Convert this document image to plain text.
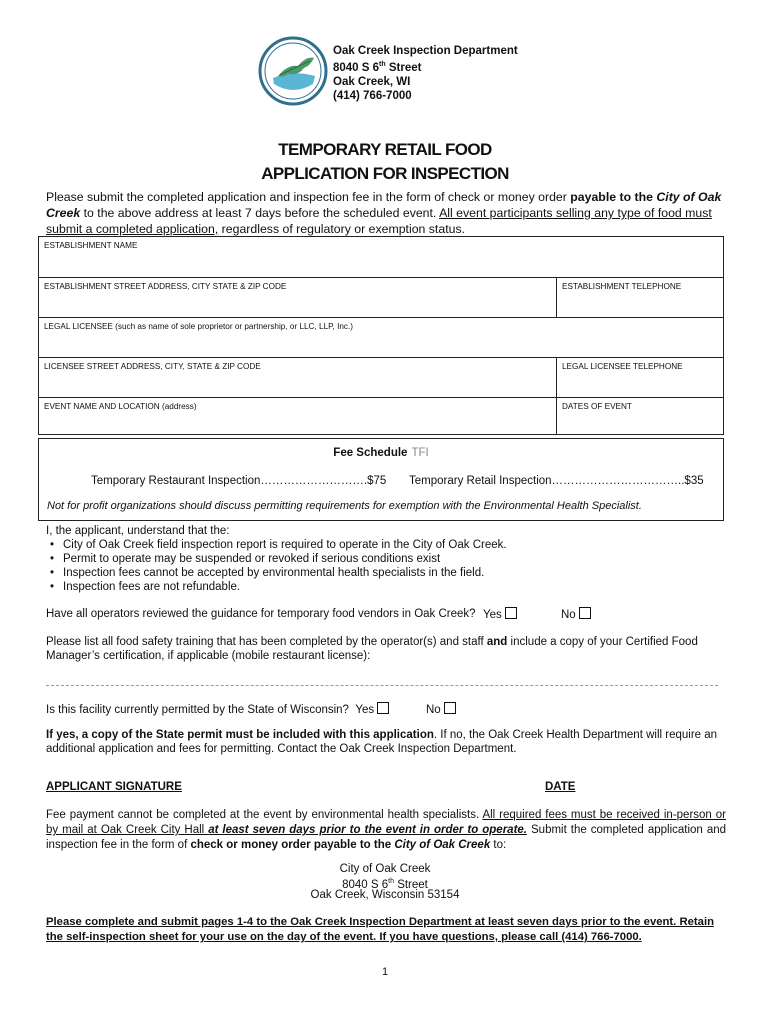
Oak Creek Inspection Department
8040 S 6th Street
Oak Creek, WI
(414) 766-7000
TEMPORARY RETAIL FOOD
APPLICATION FOR INSPECTION
Please submit the completed application and inspection fee in the form of check or money order payable to the City of Oak Creek to the above address at least 7 days before the scheduled event. All event participants selling any type of food must submit a completed application, regardless of regulatory or exemption status.
ESTABLISHMENT NAME
ESTABLISHMENT STREET ADDRESS, CITY STATE & ZIP CODE	ESTABLISHMENT TELEPHONE
LEGAL LICENSEE (such as name of sole proprietor or partnership, or LLC, LLP, Inc.)
LICENSEE STREET ADDRESS, CITY, STATE & ZIP CODE	LEGAL LICENSEE TELEPHONE
EVENT NAME AND LOCATION (address)	DATES OF EVENT
Fee Schedule TFI
Temporary Restaurant Inspection……………………….$75 Temporary Retail Inspection……………………………..$35
Not for profit organizations should discuss permitting requirements for exemption with the Environmental Health Specialist.
I, the applicant, understand that the:
• City of Oak Creek field inspection report is required to operate in the City of Oak Creek.
• Permit to operate may be suspended or revoked if serious conditions exist
• Inspection fees cannot be accepted by environmental health specialists in the field.
• Inspection fees are not refundable.
Have all operators reviewed the guidance for temporary food vendors in Oak Creek? Yes	No
Please list all food safety training that has been completed by the operator(s) and staff and include a copy of your Certified Food
Manager’s certification, if applicable (mobile restaurant license):
Is this facility currently permitted by the State of Wisconsin? Yes	No
If yes, a copy of the State permit must be included with this application. If no, the Oak Creek Health Department will require an
additional application and fees for permitting. Contact the Oak Creek Inspection Department.
APPLICANT SIGNATURE	DATE
Fee payment cannot be completed at the event by environmental health specialists. All required fees must be received in-person or by mail at Oak Creek City Hall at least seven days prior to the event in order to operate. Submit the completed application and inspection fee in the form of check or money order payable to the City of Oak Creek to:
City of Oak Creek
8040 S 6th Street
Oak Creek, Wisconsin 53154
Please complete and submit pages 1-4 to the Oak Creek Inspection Department at least seven days prior to the event. Retain the self-inspection sheet for your use on the day of the event. If you have questions, please call (414) 766-7000.
1
